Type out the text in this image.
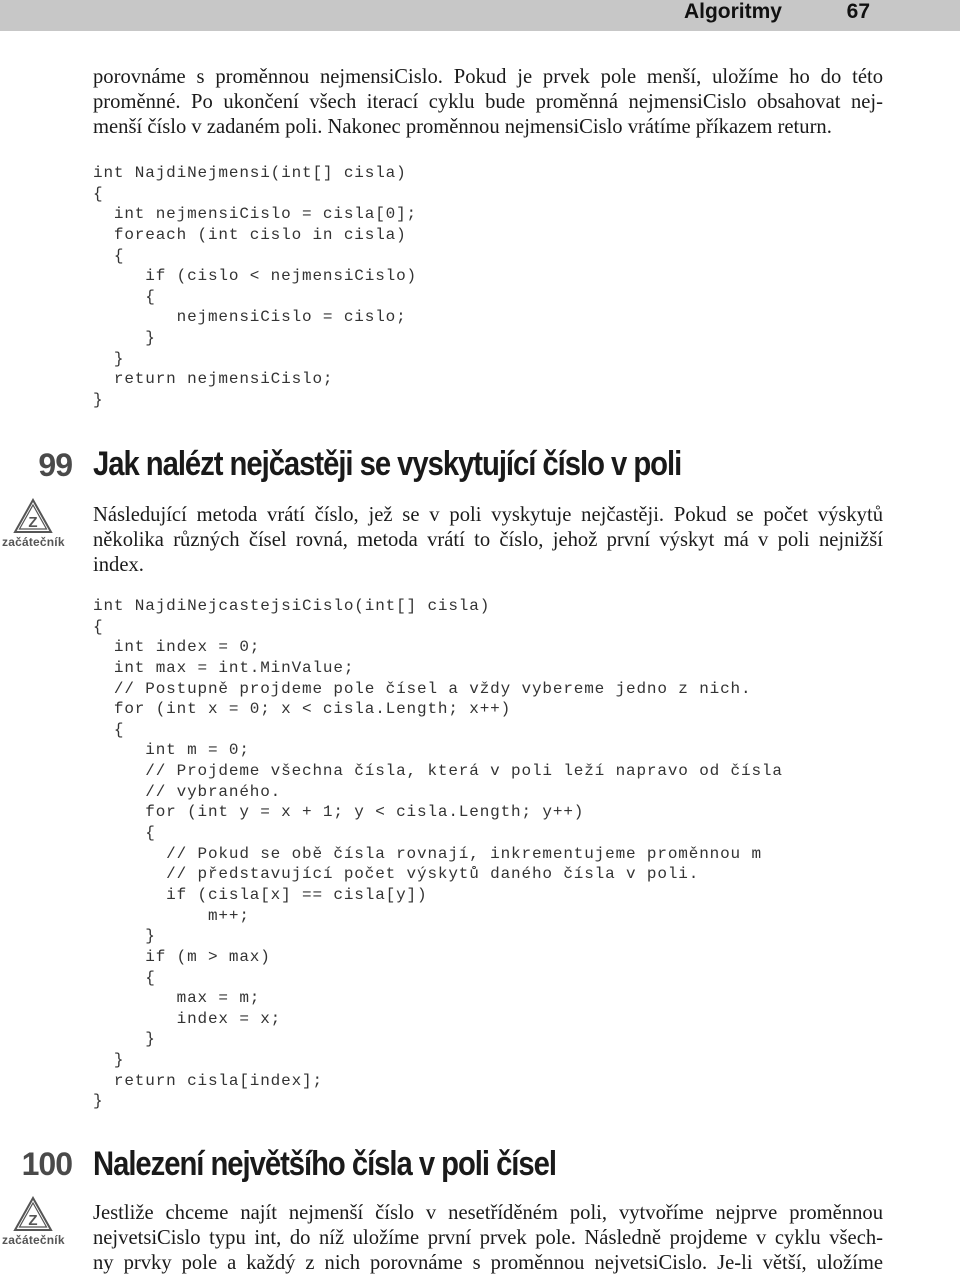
Algoritmy	67

porovnáme s proměnnou nejmensiCislo. Pokud je prvek pole menší, uložíme ho do této
proměnné. Po ukončení všech iterací cyklu bude proměnná nejmensiCislo obsahovat nej-
menší číslo v zadaném poli. Nakonec proměnnou nejmensiCislo vrátíme příkazem return.

int NajdiNejmensi(int[] cisla)
{
int nejmensiCislo = cisla[0];
foreach (int cislo in cisla)
{
if (cislo < nejmensiCislo)
{
nejmensiCislo = cislo;
}
}
return nejmensiCislo;
}
99
Z
začátečník
Jak nalézt nejčastěji se vyskytující číslo v poli

Následující metoda vrátí číslo, jež se v poli vyskytuje nejčastěji. Pokud se počet výskytů
několika různých čísel rovná, metoda vrátí to číslo, jehož první výskyt má v poli nejnižší
index.

int NajdiNejcastejsiCislo(int[] cisla)
{
int index = 0;
int max = int.MinValue;
// Postupně projdeme pole čísel a vždy vybereme jedno z nich.
for (int x = 0; x < cisla.Length; x++)
{
int m = 0;
// Projdeme všechna čísla, která v poli leží napravo od čísla
// vybraného.
for (int y = x + 1; y < cisla.Length; y++)
{
// Pokud se obě čísla rovnají, inkrementujeme proměnnou m
// představující počet výskytů daného čísla v poli.
if (cisla[x] == cisla[y])
m++;
}
if (m > max)
{
max = m;
index = x;
}
}
return cisla[index];
}
100
Z
začátečník
Nalezení největšího čísla v poli čísel

Jestliže chceme najít nejmenší číslo v nesetříděném poli, vytvoříme nejprve proměnnou
nejvetsiCislo typu int, do níž uložíme první prvek pole. Následně projdeme v cyklu všech-
ny prvky pole a každý z nich porovnáme s proměnnou nejvetsiCislo. Je-li větší, uložíme
